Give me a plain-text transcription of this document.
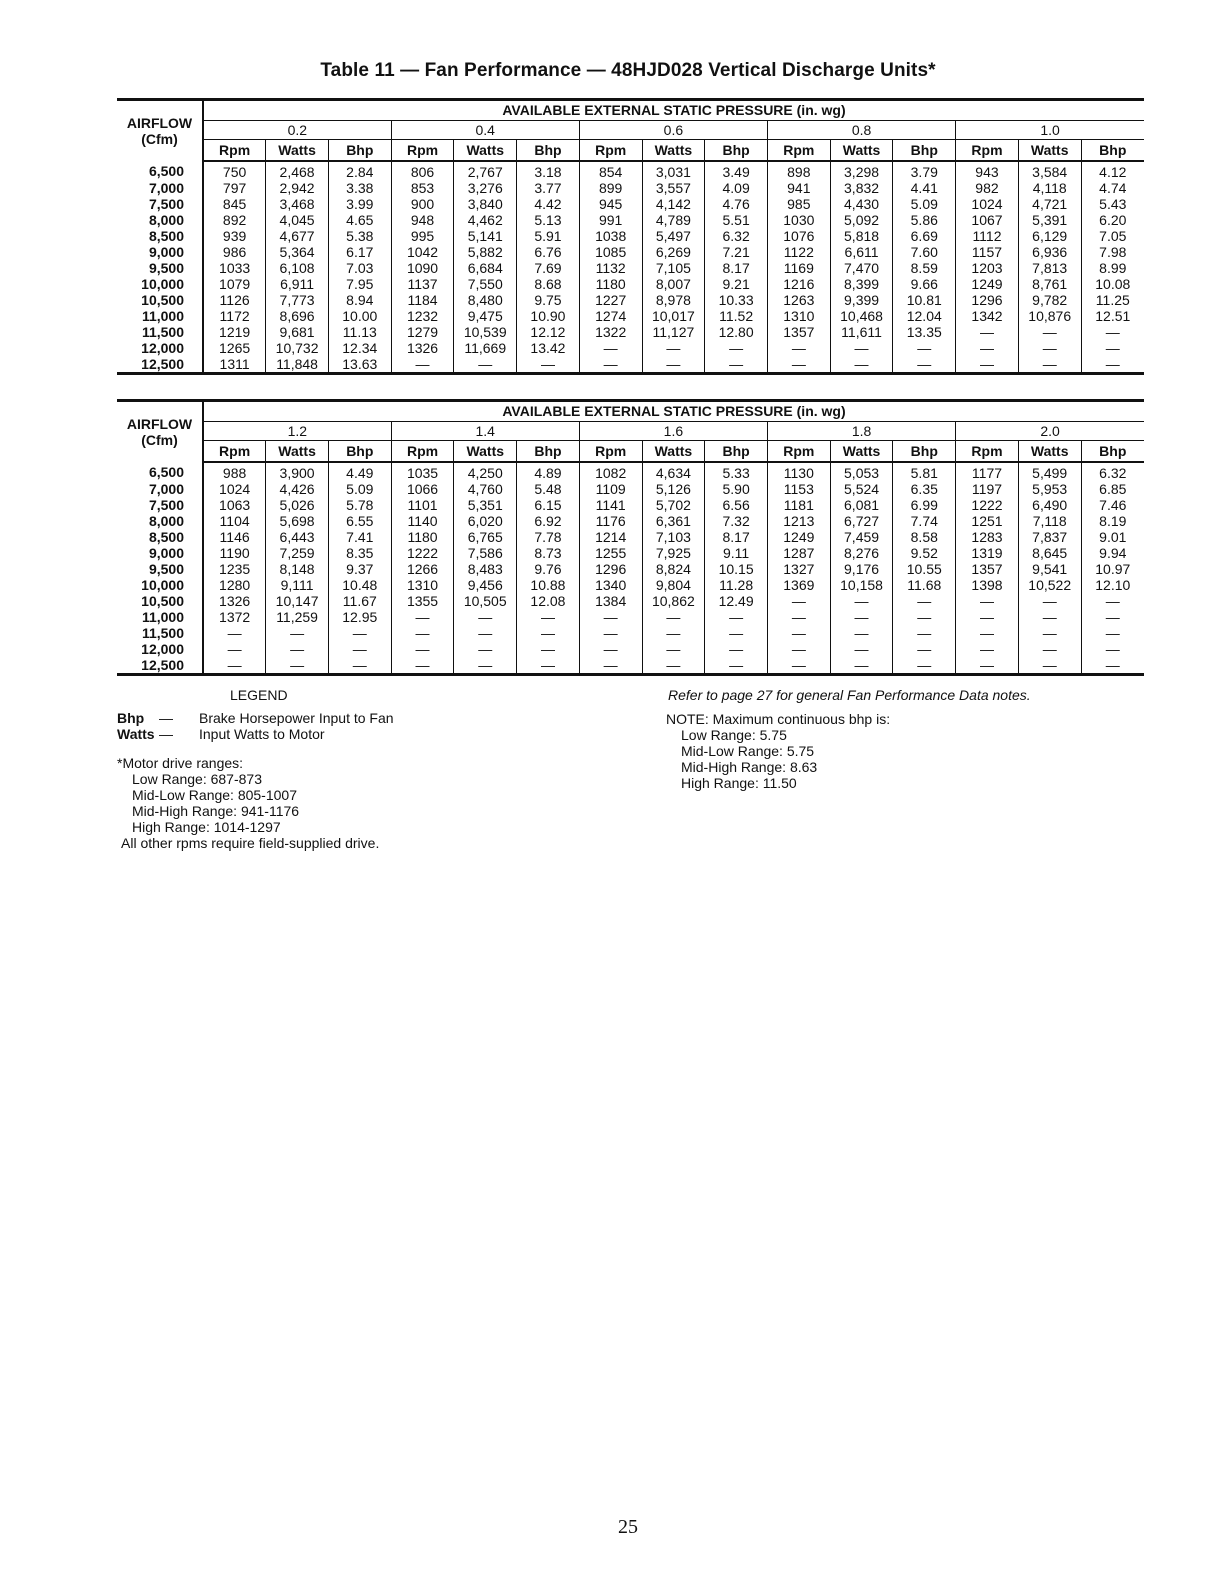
Table 11 — Fan Performance — 48HJD028 Vertical Discharge Units*
AIRFLOW
(Cfm)	AVAILABLE EXTERNAL STATIC PRESSURE (in. wg)														
	0.2			0.4			0.6			0.8			1.0		
	Rpm	Watts	Bhp	Rpm	Watts	Bhp	Rpm	Watts	Bhp	Rpm	Watts	Bhp	Rpm	Watts	Bhp
6,500	750	2,468	2.84	806	2,767	3.18	854	3,031	3.49	898	3,298	3.79	943	3,584	4.12
7,000	797	2,942	3.38	853	3,276	3.77	899	3,557	4.09	941	3,832	4.41	982	4,118	4.74
7,500	845	3,468	3.99	900	3,840	4.42	945	4,142	4.76	985	4,430	5.09	1024	4,721	5.43
8,000	892	4,045	4.65	948	4,462	5.13	991	4,789	5.51	1030	5,092	5.86	1067	5,391	6.20
8,500	939	4,677	5.38	995	5,141	5.91	1038	5,497	6.32	1076	5,818	6.69	1112	6,129	7.05
9,000	986	5,364	6.17	1042	5,882	6.76	1085	6,269	7.21	1122	6,611	7.60	1157	6,936	7.98
9,500	1033	6,108	7.03	1090	6,684	7.69	1132	7,105	8.17	1169	7,470	8.59	1203	7,813	8.99
10,000	1079	6,911	7.95	1137	7,550	8.68	1180	8,007	9.21	1216	8,399	9.66	1249	8,761	10.08
10,500	1126	7,773	8.94	1184	8,480	9.75	1227	8,978	10.33	1263	9,399	10.81	1296	9,782	11.25
11,000	1172	8,696	10.00	1232	9,475	10.90	1274	10,017	11.52	1310	10,468	12.04	1342	10,876	12.51
11,500	1219	9,681	11.13	1279	10,539	12.12	1322	11,127	12.80	1357	11,611	13.35	—	—	—
12,000	1265	10,732	12.34	1326	11,669	13.42	—	—	—	—	—	—	—	—	—
12,500	1311	11,848	13.63	—	—	—	—	—	—	—	—	—	—	—	—
AIRFLOW
(Cfm)	AVAILABLE EXTERNAL STATIC PRESSURE (in. wg)														
	1.2			1.4			1.6			1.8			2.0		
	Rpm	Watts	Bhp	Rpm	Watts	Bhp	Rpm	Watts	Bhp	Rpm	Watts	Bhp	Rpm	Watts	Bhp
6,500	988	3,900	4.49	1035	4,250	4.89	1082	4,634	5.33	1130	5,053	5.81	1177	5,499	6.32
7,000	1024	4,426	5.09	1066	4,760	5.48	1109	5,126	5.90	1153	5,524	6.35	1197	5,953	6.85
7,500	1063	5,026	5.78	1101	5,351	6.15	1141	5,702	6.56	1181	6,081	6.99	1222	6,490	7.46
8,000	1104	5,698	6.55	1140	6,020	6.92	1176	6,361	7.32	1213	6,727	7.74	1251	7,118	8.19
8,500	1146	6,443	7.41	1180	6,765	7.78	1214	7,103	8.17	1249	7,459	8.58	1283	7,837	9.01
9,000	1190	7,259	8.35	1222	7,586	8.73	1255	7,925	9.11	1287	8,276	9.52	1319	8,645	9.94
9,500	1235	8,148	9.37	1266	8,483	9.76	1296	8,824	10.15	1327	9,176	10.55	1357	9,541	10.97
10,000	1280	9,111	10.48	1310	9,456	10.88	1340	9,804	11.28	1369	10,158	11.68	1398	10,522	12.10
10,500	1326	10,147	11.67	1355	10,505	12.08	1384	10,862	12.49	—	—	—	—	—	—
11,000	1372	11,259	12.95	—	—	—	—	—	—	—	—	—	—	—	—
11,500	—	—	—	—	—	—	—	—	—	—	—	—	—	—	—
12,000	—	—	—	—	—	—	—	—	—	—	—	—	—	—	—
12,500	—	—	—	—	—	—	—	—	—	—	—	—	—	—	—
LEGEND
Bhp — Brake Horsepower Input to Fan
Watts — Input Watts to Motor
*Motor drive ranges:
Low Range: 687-873
Mid-Low Range: 805-1007
Mid-High Range: 941-1176
High Range: 1014-1297
All other rpms require field-supplied drive.
Refer to page 27 for general Fan Performance Data notes.
NOTE: Maximum continuous bhp is:
Low Range: 5.75
Mid-Low Range: 5.75
Mid-High Range: 8.63
High Range: 11.50
25
